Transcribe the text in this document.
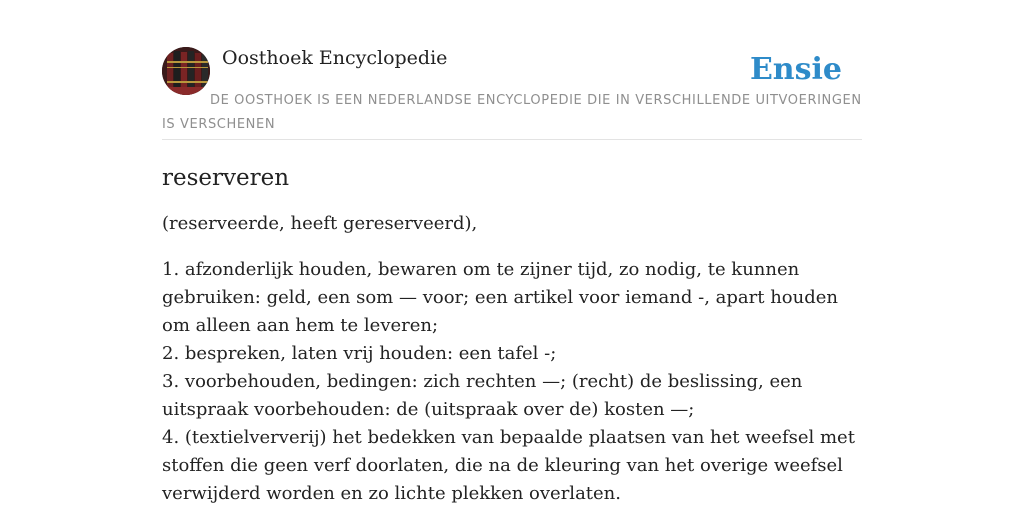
Oosthoek Encyclopedie	Ensie
DE OOSTHOEK IS EEN NEDERLANDSE ENCYCLOPEDIE DIE IN VERSCHILLENDE UITVOERINGEN IS VERSCHENEN
reserveren

(reserveerde, heeft gereserveerd),

1. afzonderlijk houden, bewaren om te zijner tijd, zo nodig, te kunnen gebruiken: geld, een som — voor; een artikel voor iemand -, apart houden om alleen aan hem te leveren;
2. bespreken, laten vrij houden: een tafel -;
3. voorbehouden, bedingen: zich rechten —; (recht) de beslissing, een uitspraak voorbehouden: de (uitspraak over de) kosten —;
4. (textielververij) het bedekken van bepaalde plaatsen van het weefsel met stoffen die geen verf doorlaten, die na de kleuring van het overige weefsel verwijderd worden en zo lichte plekken overlaten.
